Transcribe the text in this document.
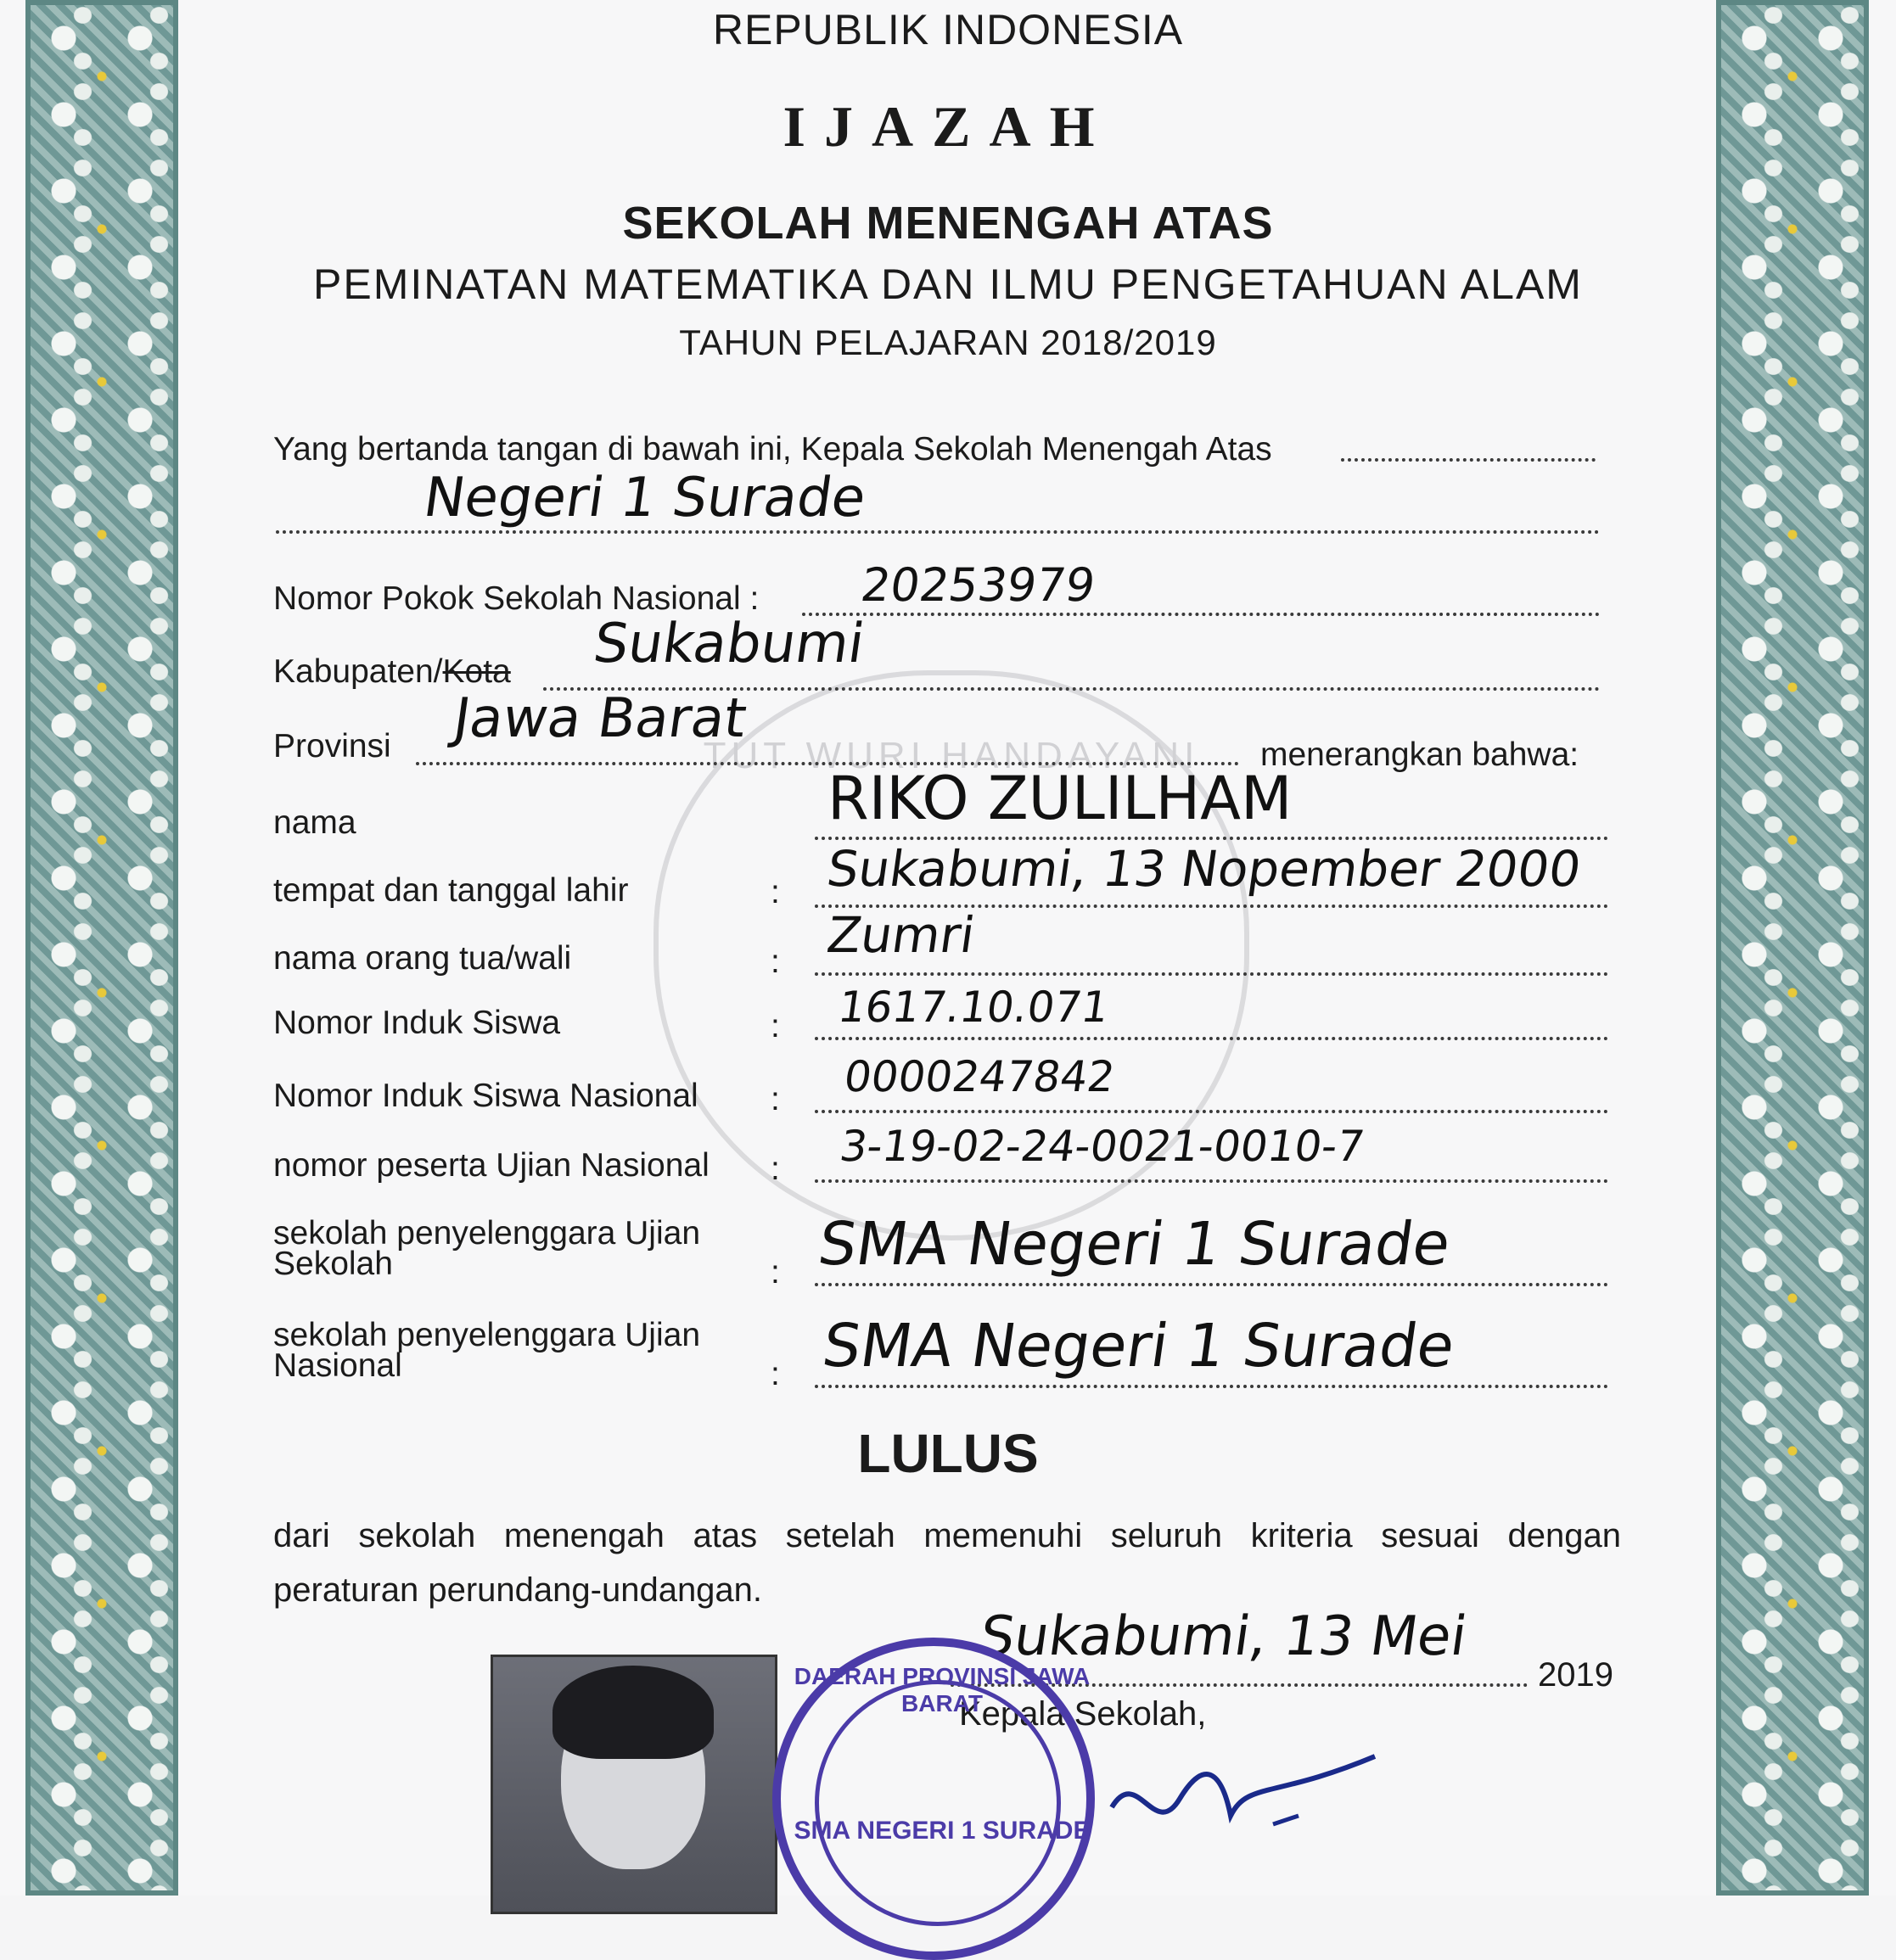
TUT WURI HANDAYANI

REPUBLIK INDONESIA

IJAZAH

SEKOLAH MENENGAH ATAS

PEMINATAN MATEMATIKA DAN ILMU PENGETAHUAN ALAM

TAHUN PELAJARAN 2018/2019

Yang bertanda tangan di bawah ini, Kepala Sekolah Menengah Atas
Negeri 1 Surade
Nomor Pokok Sekolah Nasional : 20253979
Kabupaten/Kota Sukabumi
Provinsi Jawa Barat
menerangkan bahwa:
nama	RIKO ZULILHAM
tempat dan tanggal lahir	: Sukabumi, 13 Nopember 2000
nama orang tua/wali	: Zumri
Nomor Induk Siswa	: 1617.10.071
Nomor Induk Siswa Nasional : 0000247842
nomor peserta Ujian Nasional : 3-19-02-24-0021-0010-7
sekolah penyelenggara Ujian Sekolah	: SMA Negeri 1 Surade
sekolah penyelenggara Ujian Nasional	: SMA Negeri 1 Surade
LULUS
dari sekolah menengah atas setelah memenuhi seluruh kriteria sesuai dengan
peraturan perundang-undangan.
Sukabumi, 13 Mei
2019
Kepala Sekolah,
DAERAH PROVINSI JAWA BARAT
SMA NEGERI 1 SURADE
